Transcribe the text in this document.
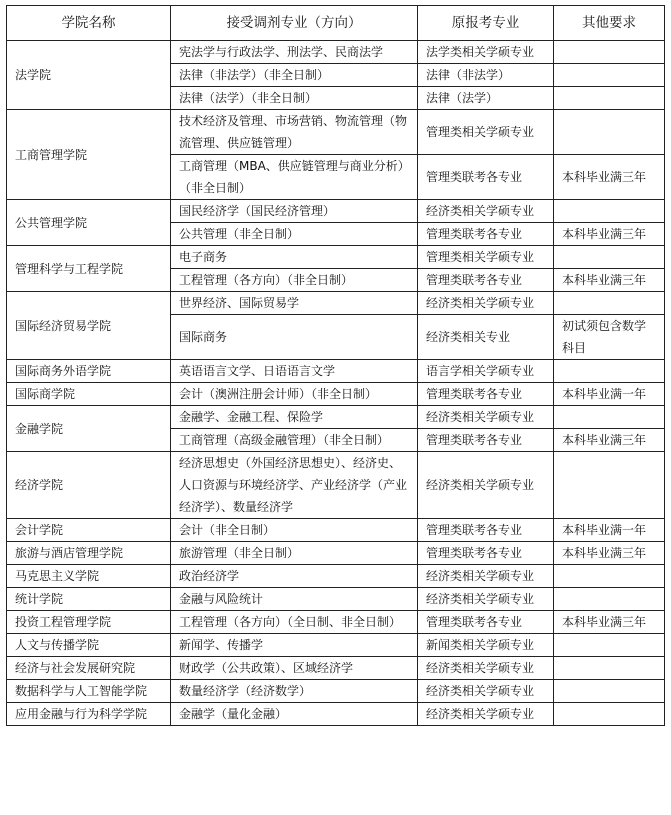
学院名称	接受调剂专业（方向）	原报考专业	其他要求
法学院	宪法学与行政法学、刑法学、民商法学	法学类相关学硕专业	
	法律（非法学）（非全日制）	法律（非法学）	
	法律（法学）（非全日制）	法律（法学）	
工商管理学院	技术经济及管理、市场营销、物流管理（物流管理、供应链管理）	管理类相关学硕专业	
	工商管理（MBA、供应链管理与商业分析）（非全日制）	管理类联考各专业	本科毕业满三年
公共管理学院	国民经济学（国民经济管理）	经济类相关学硕专业	
	公共管理（非全日制）	管理类联考各专业	本科毕业满三年
管理科学与工程学院	电子商务	管理类相关学硕专业	
	工程管理（各方向）（非全日制）	管理类联考各专业	本科毕业满三年
国际经济贸易学院	世界经济、国际贸易学	经济类相关学硕专业	
	国际商务	经济类相关专业	初试须包含数学科目
国际商务外语学院	英语语言文学、日语语言文学	语言学相关学硕专业	
国际商学院	会计（澳洲注册会计师）（非全日制）	管理类联考各专业	本科毕业满一年
金融学院	金融学、金融工程、保险学	经济类相关学硕专业	
	工商管理（高级金融管理）（非全日制）	管理类联考各专业	本科毕业满三年
经济学院	经济思想史（外国经济思想史）、经济史、人口资源与环境经济学、产业经济学（产业经济学）、数量经济学	经济类相关学硕专业	
会计学院	会计（非全日制）	管理类联考各专业	本科毕业满一年
旅游与酒店管理学院	旅游管理（非全日制）	管理类联考各专业	本科毕业满三年
马克思主义学院	政治经济学	经济类相关学硕专业	
统计学院	金融与风险统计	经济类相关学硕专业	
投资工程管理学院	工程管理（各方向）（全日制、非全日制）	管理类联考各专业	本科毕业满三年
人文与传播学院	新闻学、传播学	新闻类相关学硕专业	
经济与社会发展研究院	财政学（公共政策）、区域经济学	经济类相关学硕专业	
数据科学与人工智能学院	数量经济学（经济数学）	经济类相关学硕专业	
应用金融与行为科学学院	金融学（量化金融）	经济类相关学硕专业	
